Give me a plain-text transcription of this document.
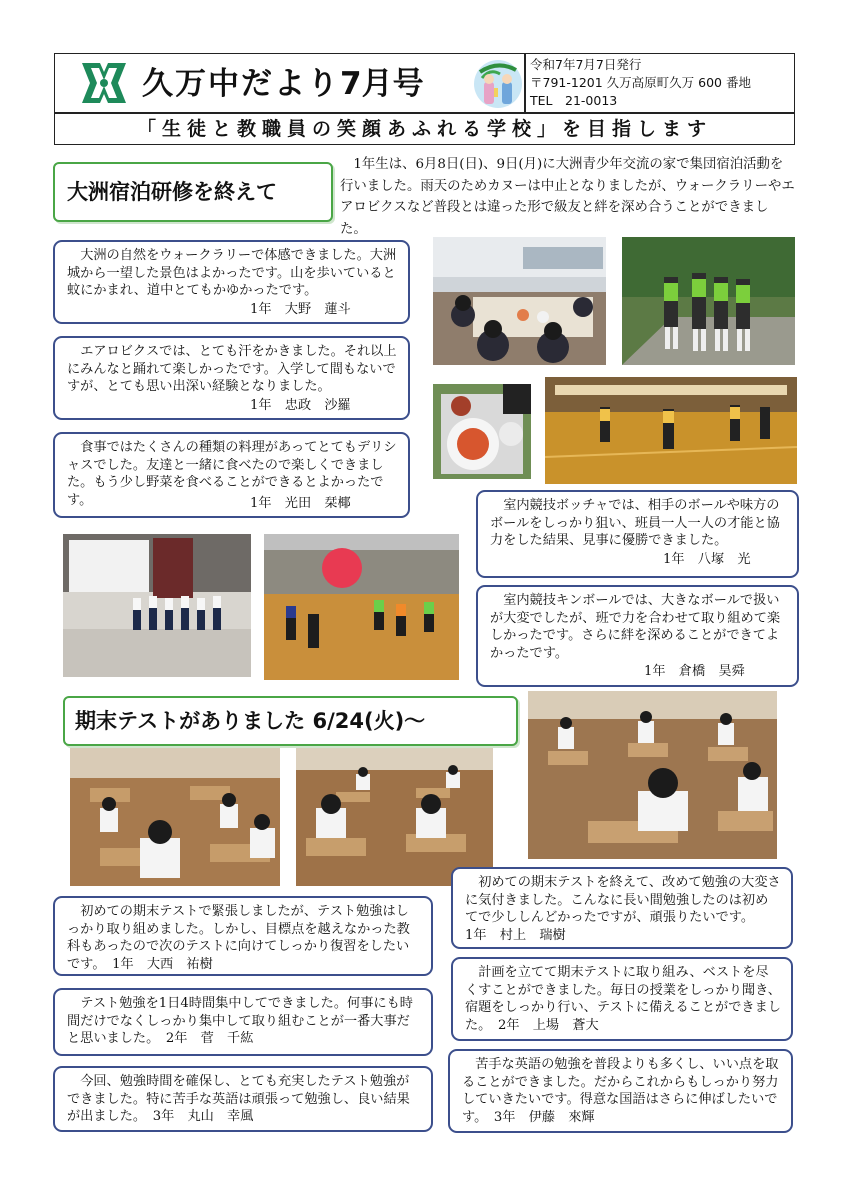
久万中だより 7月号
令和7年7月7日発行
〒791-1201 久万高原町久万 600 番地
TEL　21-0013
「生徒と教職員の笑顔あふれる学校」を目指します
大洲宿泊研修を終えて
1年生は、6月8日(日)、9日(月)に大洲青少年交流の家で集団宿泊活動を行いました。雨天のためカヌーは中止となりましたが、ウォークラリーやエアロビクスなど普段とは違った形で級友と絆を深め合うことができました。
大洲の自然をウォークラリーで体感できました。大洲城から一望した景色はよかったです。山を歩いていると蚊にかまれ、道中とてもかゆかったです。
1年　大野　蓮斗
エアロビクスでは、とても汗をかきました。それ以上にみんなと踊れて楽しかったです。入学して間もないですが、とても思い出深い経験となりました。
1年　忠政　沙羅
食事ではたくさんの種類の料理があってとてもデリシャスでした。友達と一緒に食べたので楽しくできました。もう少し野菜を食べることができるとよかったです。	1年　光田　栞椰	室内競技ボッチャでは、相手のボールや味方のボールをしっかり狙い、班員一人一人の才能と協力をした結果、見事に優勝できました。
1年　八塚　光
室内競技キンボールでは、大きなボールで扱いが大変でしたが、班で力を合わせて取り組めて楽しかったです。さらに絆を深めることができてよかったです。
1年　倉橋　昊舜
期末テストがありました 6/24(火)～
初めての期末テストで緊張しましたが、テスト勉強はしっかり取り組めました。しかし、目標点を越えなかった教科もあったので次のテストに向けてしっかり復習をしたいです。　 1年　大西　祐樹
テスト勉強を1日4時間集中してできました。何事にも時間だけでなくしっかり集中して取り組むことが一番大事だと思いました。　 2年　菅　千紘
今回、勉強時間を確保し、とても充実したテスト勉強ができました。特に苦手な英語は頑張って勉強し、良い結果が出ました。　 3年　丸山　幸風
初めての期末テストを終えて、改めて勉強の大変さに気付きました。こんなに長い間勉強したのは初めてで少ししんどかったですが、頑張りたいです。　1年　村上　瑞樹
計画を立てて期末テストに取り組み、ベストを尽くすことができました。毎日の授業をしっかり聞き、宿題をしっかり行い、テストに備えることができました。　 2年　上場　蒼大
苦手な英語の勉強を普段よりも多くし、いい点を取ることができました。だからこれからもしっかり努力していきたいです。得意な国語はさらに伸ばしたいです。　 3年　伊藤　來輝
